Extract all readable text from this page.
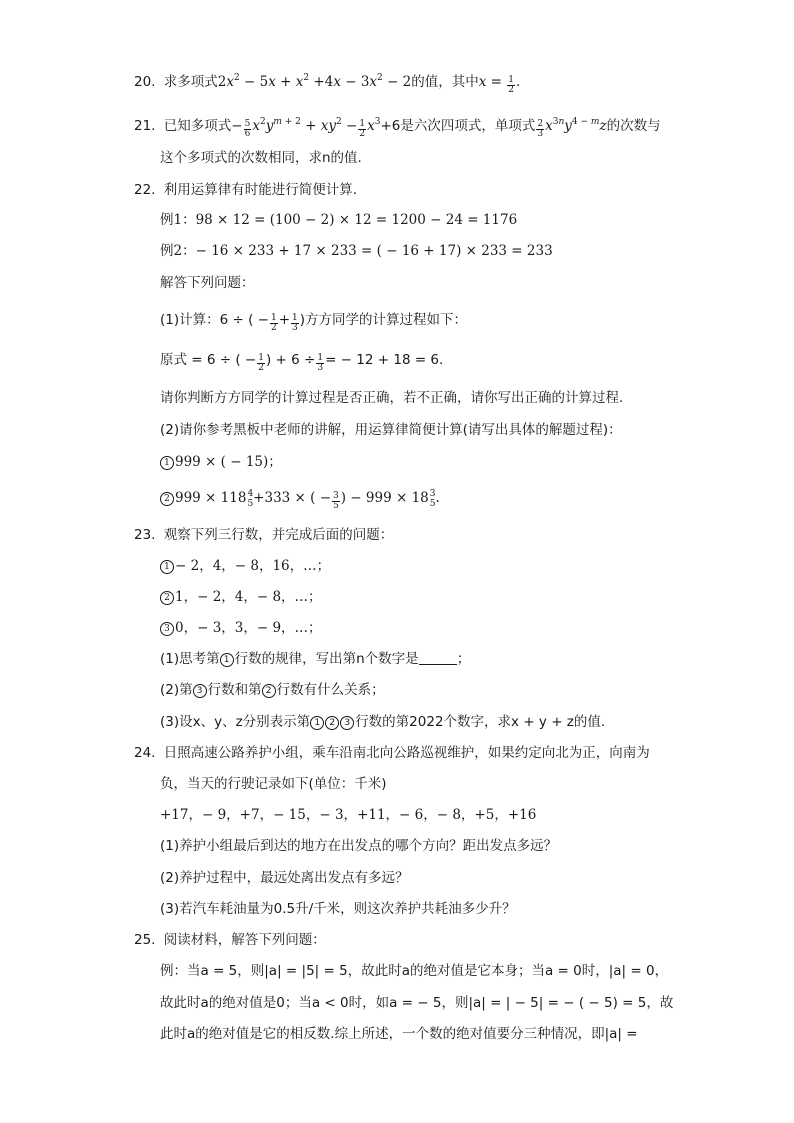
20. 求多项式$2x^2 - 5x + x^2 +4x - 3x^2 - 2$的值，其中$x = \frac{1}{2}$ .
21. 已知多项式− $\frac{5}{6} x^2y^{m + 2} + xy^2 - \frac{1}{2} x^3+6$是六次四项式，单项式 $\frac{2}{3} x^{3n}y^{4 - m}z$的次数与
这个多项式的次数相同，求n的值.
22. 利用运算律有时能进行简便计算.
例1：98 × 12 = (100 − 2) × 12 = 1200 − 24 = 1176
例2：− 16 × 233 + 17 × 233 = ( − 16 + 17) × 233 = 233
解答下列问题：
(1)计算：6 ÷ ( − $\frac{1}{2} + \frac{1}{3}$ )方方同学的计算过程如下：
原式 = 6 ÷ ( − $\frac{1}{2}$ ) + $6 \div \frac{1}{3}$ = − 12 + 18 = 6.
请你判断方方同学的计算过程是否正确，若不正确，请你写出正确的计算过程.
(2)请你参考黑板中老师的讲解，用运算律简便计算(请写出具体的解题过程)：
1 999 × ( − 15)；
2 999 × 118 4
5 +333 × ( − $\frac{3}{5}$ ) − 999 × 18 3
5 .
23. 观察下列三行数，并完成后面的问题：
1 − 2，4，− 8，16，…；
2 1，− 2，4，− 8，…；
3 0，− 3，3，− 9，…；
(1)思考第 1 行数的规律，写出第n个数字是	；
(2)第 3 行数和第 2 行数有什么关系；
(3)设x、y、z分别表示第 1 2 3 行数的第2022个数字，求x + y + z的值.
24. 日照高速公路养护小组，乘车沿南北向公路巡视维护，如果约定向北为正，向南为
负，当天的行驶记录如下(单位：千米)
+17，− 9，+7，− 15，− 3，+11，− 6，− 8，+5，+16
(1)养护小组最后到达的地方在出发点的哪个方向？距出发点多远？
(2)养护过程中，最远处离出发点有多远？
(3)若汽车耗油量为0.5升/千米，则这次养护共耗油多少升？
25. 阅读材料，解答下列问题：
例：当a = 5，则|a| = |5| = 5，故此时a的绝对值是它本身；当a = 0时，|a| = 0，
故此时a的绝对值是0；当a < 0时，如a = − 5，则|a| = | − 5| = − ( − 5) = 5，故
此时a的绝对值是它的相反数.综上所述，一个数的绝对值要分三种情况，即|a| =
